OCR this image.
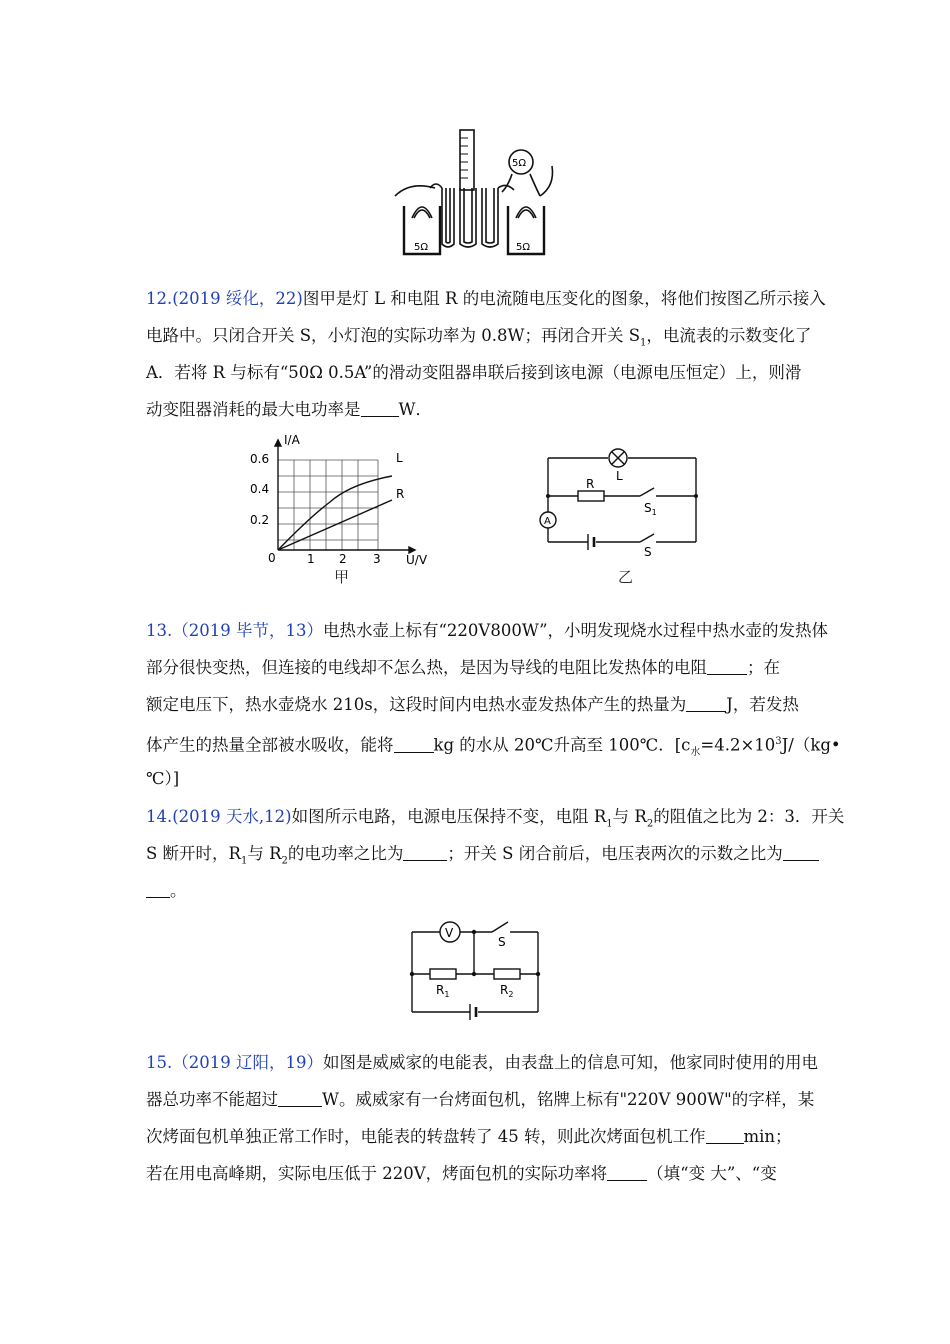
5Ω	5Ω
5Ω
12.(2019 绥化，22)图甲是灯 L 和电阻 R 的电流随电压变化的图象，将他们按图乙所示接入
电路中。只闭合开关 S，小灯泡的实际功率为 0.8W；再闭合开关 $S_1$，电流表的示数变化了
A．若将 R 与标有“50Ω 0.5A”的滑动变阻器串联后接到该电源（电源电压恒定）上，则滑
动变阻器消耗的最大电功率是 W．
I/A
U/V
0	1 2 3
0.2
0.4
0.6	L
R
甲
L
R
$S_1$
S
A
乙
13.（2019 毕节，13）电热水壶上标有“220V800W”，小明发现烧水过程中热水壶的发热体
部分很快变热，但连接的电线却不怎么热，是因为导线的电阻比发热体的电阻 ；在
额定电压下，热水壶烧水 210s，这段时间内电热水壶发热体产生的热量为 J，若发热
体产生的热量全部被水吸收，能将 kg 的水从 20℃升高至 100℃．[$c_水=4.2\times 10^3J/(kg•$
℃）]
14.(2019 天水,12)如图所示电路，电源电压保持不变，电阻 $R_1$与 $R_2$的阻值之比为 2：3．开关
S 断开时，$R_1$与 $R_2$的电功率之比为	；开关 S 闭合前后，电压表两次的示数之比为
。
V
S
$R_1$	$R_2$
15.（2019 辽阳，19）如图是威威家的电能表，由表盘上的信息可知，他家同时使用的用电
器总功率不能超过	W。威威家有一台烤面包机，铭牌上标有"220V 900W"的字样，某
次烤面包机单独正常工作时，电能表的转盘转了 45 转，则此次烤面包机工作 min；
若在用电高峰期，实际电压低于 220V，烤面包机的实际功率将 （填“变 大”、“变
